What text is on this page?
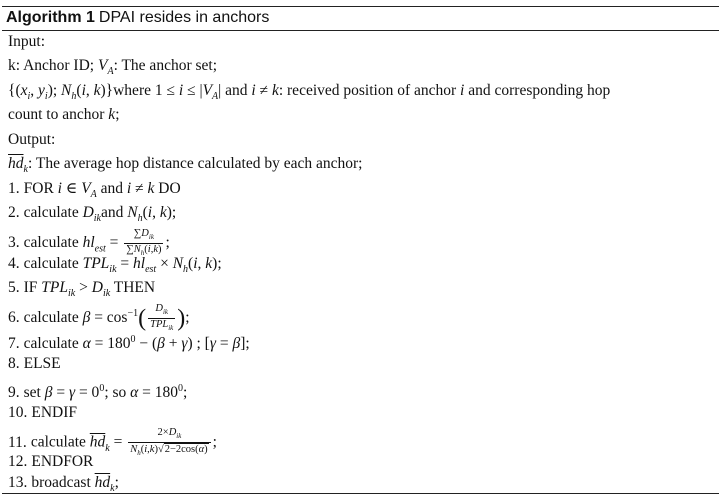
Algorithm 1 DPAI resides in anchors
Input:
k: Anchor ID; $V_A$: The anchor set;
{($x_i$, $y_i$); $N_h(i$, k)}where $1 \le i \le |V_A|$ and i ≠ k: received position of anchor i and corresponding hop
count to anchor k;
Output:
$\overline{hd}_k$: The average hop distance calculated by each anchor;
1. FOR i ∈ $V_A$ and i ≠ k DO
2. calculate $D_{ik}and$ $N_h(i$, k);
3. calculate $hl_{est} = \frac{\sum D_{ik}}{\sum N_h(i,k)}$ ;
4. calculate $TPL_{ik} = hl_{est} \times N_h(i$, k);
5. IF $TPL_{ik} > D_{ik}$ THEN
6. calculate $\beta = \cos^{-1}( \frac{D_{ik}}{TPL_{ik}}$ );
7. calculate $\alpha = 180^0 - (\beta + \gamma)$ ; [γ = β];
8. ELSE
9. set $\beta = \gamma = 0^0$; so $\alpha = 180^0$;
10. ENDIF
11. calculate $\overline{hd}_k = \frac{2\times D_{ik}}{N_h(i,k)√2-2\cos(\alpha)}$ ;
12. ENDFOR
13. broadcast $\overline{hd}_k$;
